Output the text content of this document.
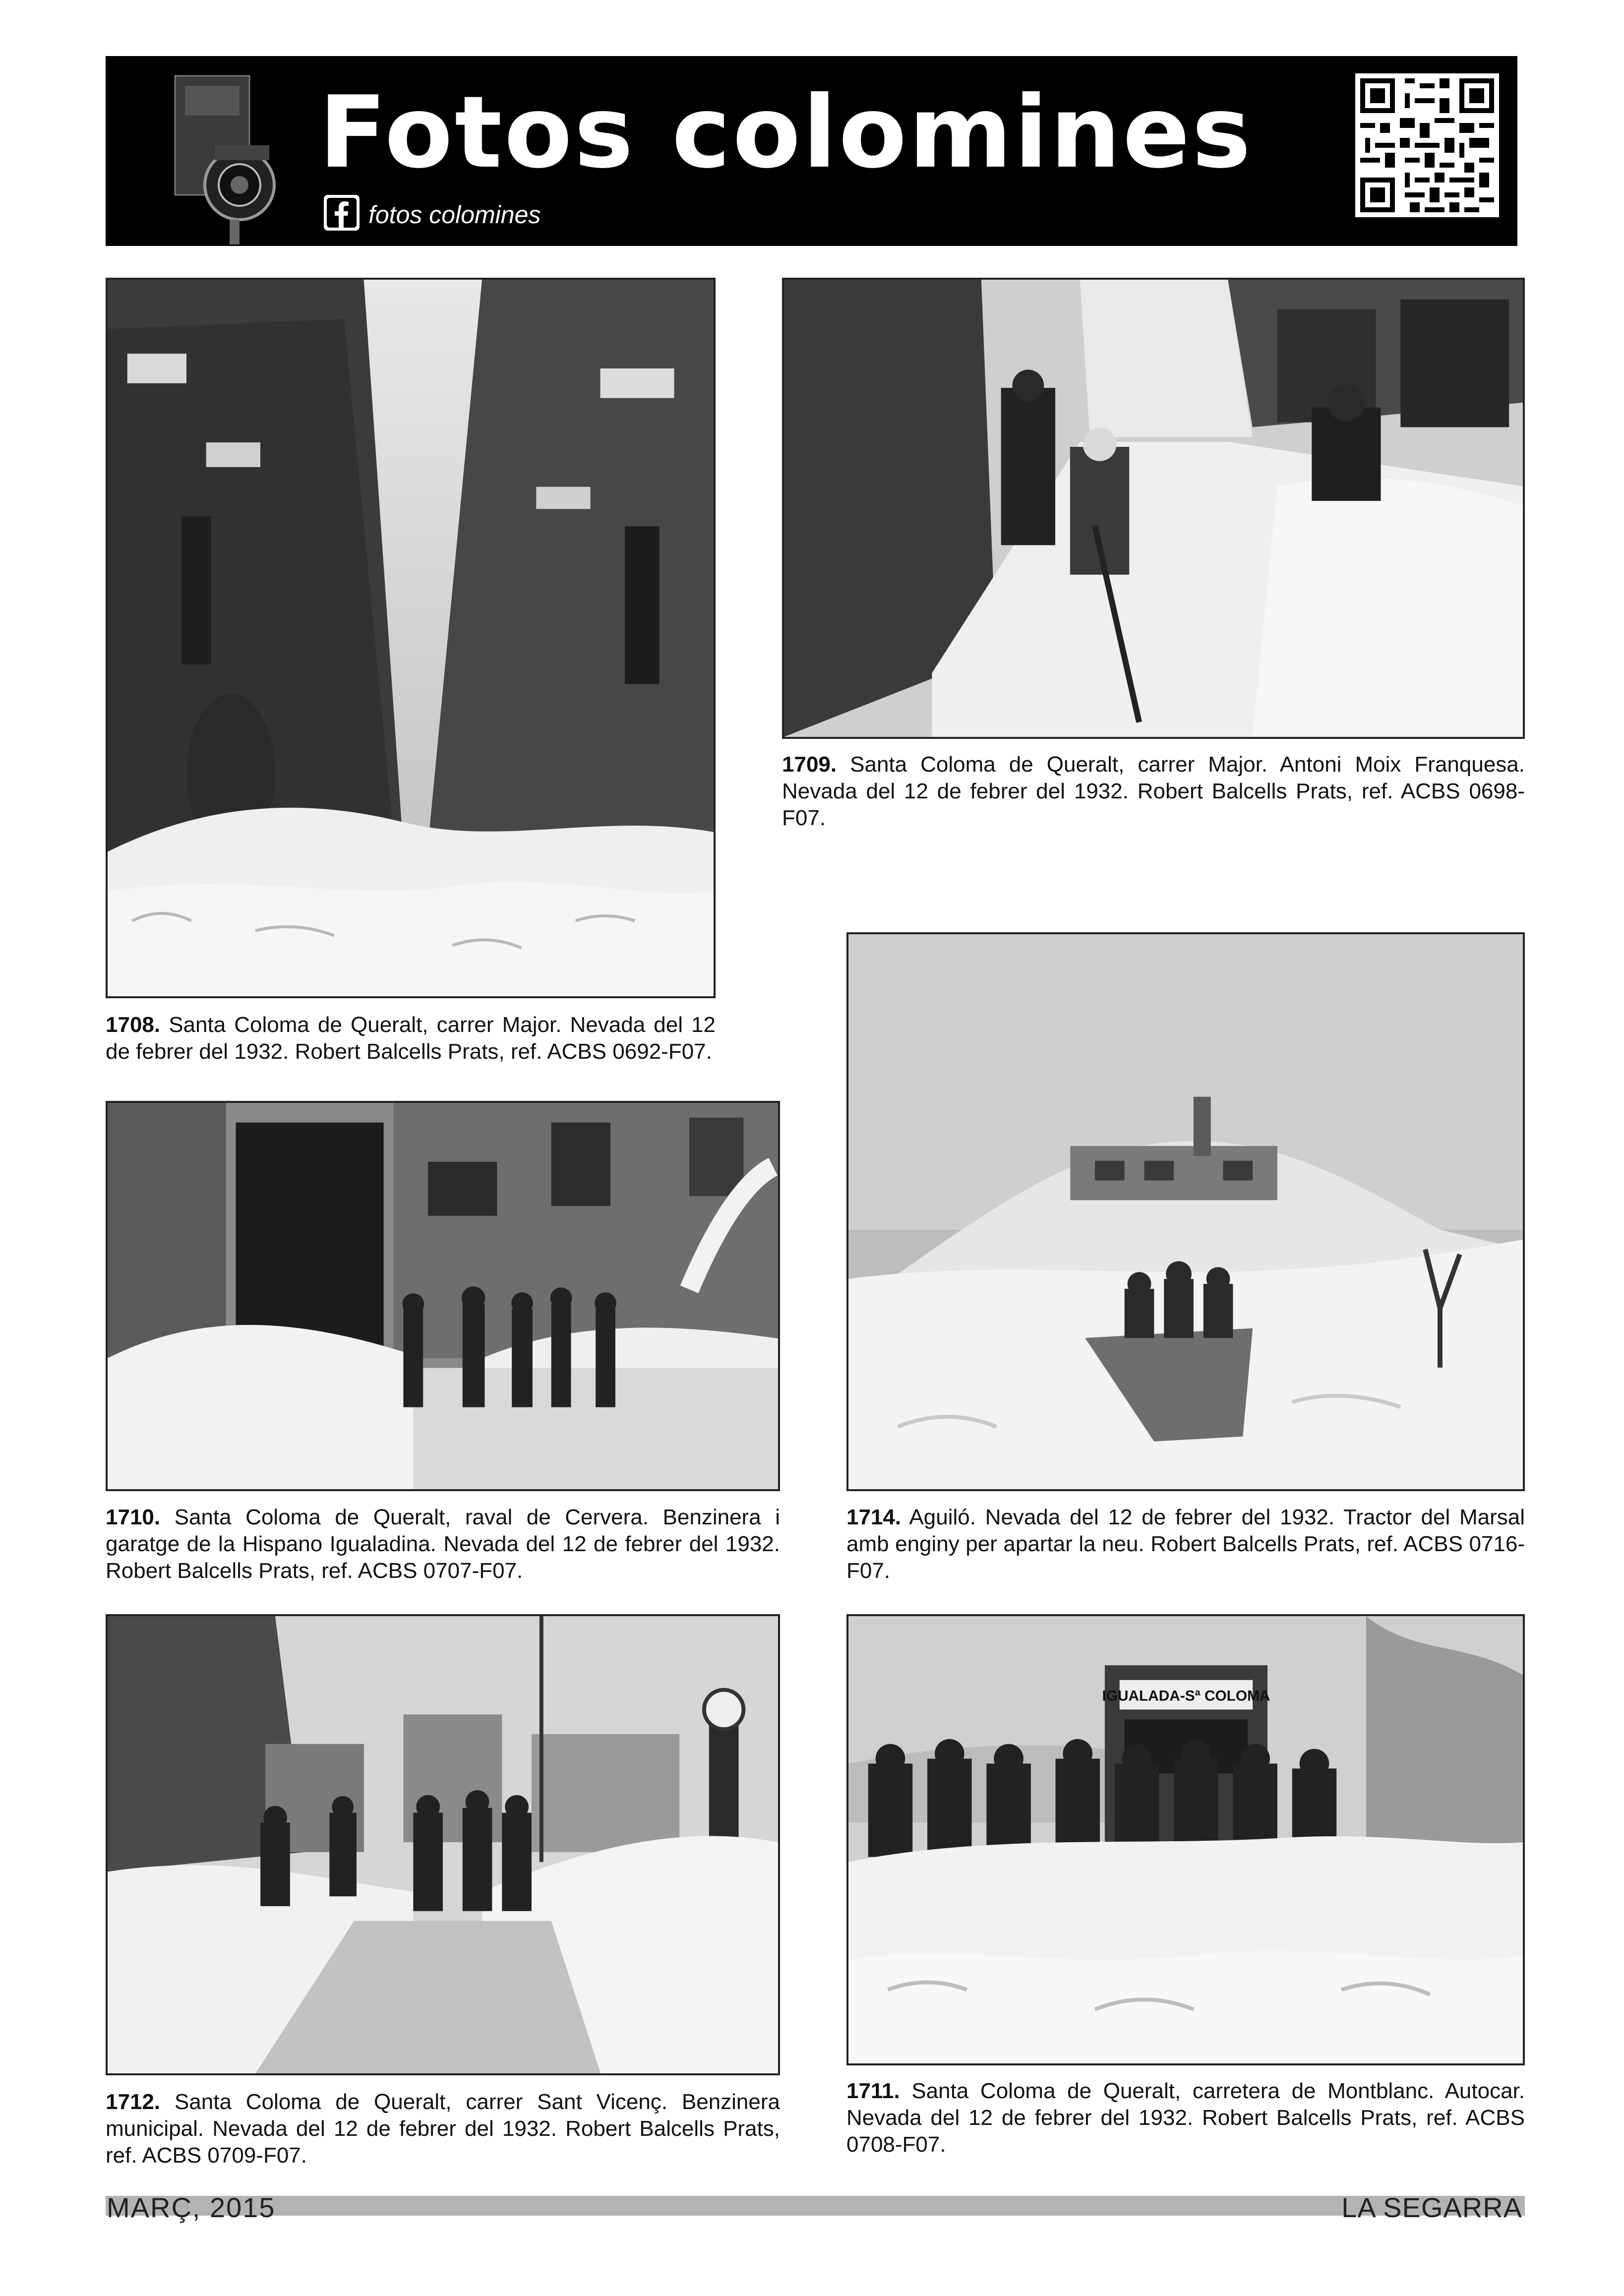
Fotos colomines
fotos colomines
1708. Santa Coloma de Queralt, carrer Major. Nevada del 12 de febrer del 1932. Robert Balcells Prats, ref. ACBS 0692-F07.
1709. Santa Coloma de Queralt, carrer Major. Antoni Moix Franquesa. Nevada del 12 de febrer del 1932. Robert Balcells Prats, ref. ACBS 0698-F07.
1710. Santa Coloma de Queralt, raval de Cervera. Benzinera i garatge de la Hispano Igualadina. Nevada del 12 de febrer del 1932. Robert Balcells Prats, ref. ACBS 0707-F07.
1714. Aguiló. Nevada del 12 de febrer del 1932. Tractor del Marsal amb enginy per apartar la neu. Robert Balcells Prats, ref. ACBS 0716-F07.
1712. Santa Coloma de Queralt, carrer Sant Vicenç. Benzinera municipal. Nevada del 12 de febrer del 1932. Robert Balcells Prats, ref. ACBS 0709-F07.
IGUALADA-Sª COLOMA
1711. Santa Coloma de Queralt, carretera de Montblanc. Autocar. Nevada del 12 de febrer del 1932. Robert Balcells Prats, ref. ACBS 0708-F07.
MARÇ, 2015	LA SEGARRA
